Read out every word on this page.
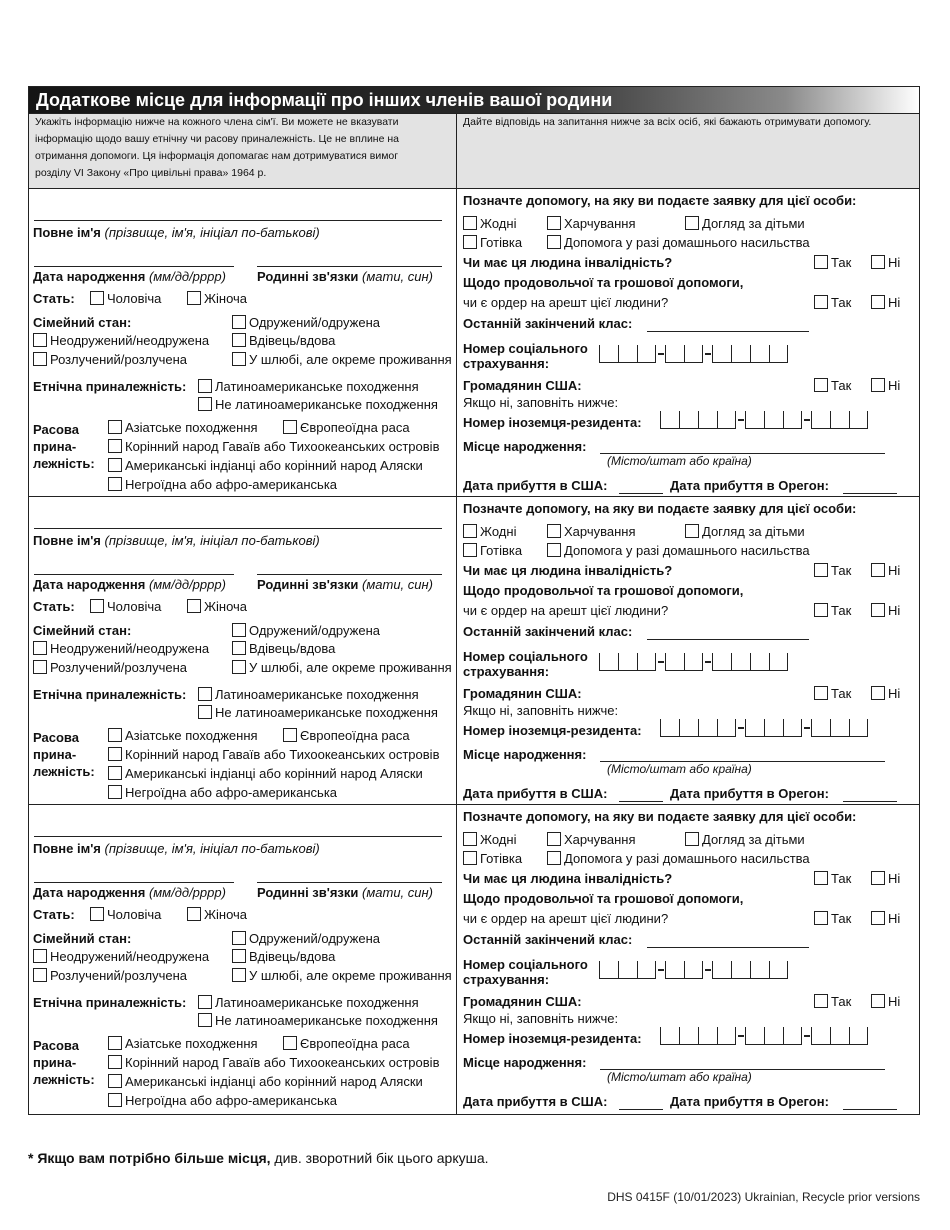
Додаткове місце для інформації про інших членів вашої родини
Укажіть інформацію нижче на кожного члена сім'ї. Ви можете не вказувати
інформацію щодо вашу етнічну чи расову приналежність. Це не вплине на
отримання допомоги. Ця інформація допомагає нам дотримуватися вимог
розділу VI Закону «Про цивільні права» 1964 р.
Дайте відповідь на запитання нижче за всіх осіб, які бажають отримувати допомогу.
Повне ім'я (прізвище, ім'я, ініціал по-батькові)
Дата народження (мм/дд/рррр) Родинні зв'язки (мати, син)
Стать:	Чоловіча	Жіноча
Сімейний стан:	Одружений/одружена
Неодружений/неодружена	Вдівець/вдова
Розлучений/розлучена	У шлюбі, але окреме проживання
Етнічна приналежність:	Латиноамериканське походження
Не латиноамериканське походження
Расова
прина-
лежність:
Азіатське походження	Європеоїдна раса
Корінний народ Гаваїв або Тихоокеанських островів
Американські індіанці або корінний народ Аляски
Негроїдна або афро-американська
Позначте допомогу, на яку ви подаєте заявку для цієї особи:
Жодні	Харчування	Догляд за дітьми
Готівка	Допомога у разі домашнього насильства
Чи має ця людина інвалідність?	Так	Ні
Щодо продовольчої та грошової допомоги,
чи є ордер на арешт цієї людини?	Так	Ні
Останній закінчений клас:
Номер соціального
страхування:
Громадянин США:	Так	Ні
Якщо ні, заповніть нижче:
Номер іноземця-резидента:
Місце народження:
(Місто/штат або країна)
Дата прибуття в США:	Дата прибуття в Орегон:
Повне ім'я (прізвище, ім'я, ініціал по-батькові)
Дата народження (мм/дд/рррр) Родинні зв'язки (мати, син)
Стать:	Чоловіча	Жіноча
Сімейний стан:	Одружений/одружена
Неодружений/неодружена	Вдівець/вдова
Розлучений/розлучена	У шлюбі, але окреме проживання
Етнічна приналежність:	Латиноамериканське походження
Не латиноамериканське походження
Расова
прина-
лежність:
Азіатське походження	Європеоїдна раса
Корінний народ Гаваїв або Тихоокеанських островів
Американські індіанці або корінний народ Аляски
Негроїдна або афро-американська
Позначте допомогу, на яку ви подаєте заявку для цієї особи:
Жодні	Харчування	Догляд за дітьми
Готівка	Допомога у разі домашнього насильства
Чи має ця людина інвалідність?	Так	Ні
Щодо продовольчої та грошової допомоги,
чи є ордер на арешт цієї людини?	Так	Ні
Останній закінчений клас:
Номер соціального
страхування:
Громадянин США:	Так	Ні
Якщо ні, заповніть нижче:
Номер іноземця-резидента:
Місце народження:
(Місто/штат або країна)
Дата прибуття в США:	Дата прибуття в Орегон:
Повне ім'я (прізвище, ім'я, ініціал по-батькові)
Дата народження (мм/дд/рррр) Родинні зв'язки (мати, син)
Стать:	Чоловіча	Жіноча
Сімейний стан:	Одружений/одружена
Неодружений/неодружена	Вдівець/вдова
Розлучений/розлучена	У шлюбі, але окреме проживання
Етнічна приналежність:	Латиноамериканське походження
Не латиноамериканське походження
Расова
прина-
лежність:
Азіатське походження	Європеоїдна раса
Корінний народ Гаваїв або Тихоокеанських островів
Американські індіанці або корінний народ Аляски
Негроїдна або афро-американська
Позначте допомогу, на яку ви подаєте заявку для цієї особи:
Жодні	Харчування	Догляд за дітьми
Готівка	Допомога у разі домашнього насильства
Чи має ця людина інвалідність?	Так	Ні
Щодо продовольчої та грошової допомоги,
чи є ордер на арешт цієї людини?	Так	Ні
Останній закінчений клас:
Номер соціального
страхування:
Громадянин США:	Так	Ні
Якщо ні, заповніть нижче:
Номер іноземця-резидента:
Місце народження:
(Місто/штат або країна)
Дата прибуття в США:	Дата прибуття в Орегон:
* Якщо вам потрібно більше місця, див. зворотний бік цього аркуша.
DHS 0415F (10/01/2023) Ukrainian, Recycle prior versions
